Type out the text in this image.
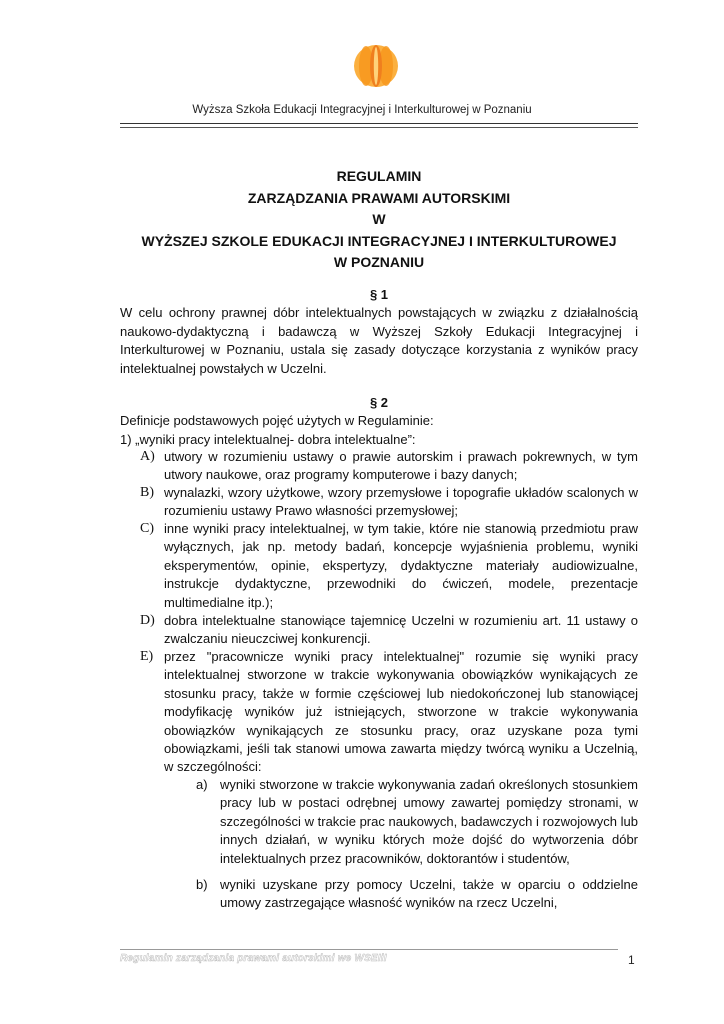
Wyższa Szkoła Edukacji Integracyjnej i Interkulturowej w Poznaniu
REGULAMIN
ZARZĄDZANIA PRAWAMI AUTORSKIMI
W
WYŻSZEJ SZKOLE EDUKACJI INTEGRACYJNEJ I INTERKULTUROWEJ
W POZNANIU
§ 1
W celu ochrony prawnej dóbr intelektualnych powstających w związku z działalnością naukowo-dydaktyczną i badawczą w Wyższej Szkoły Edukacji Integracyjnej i Interkulturowej w Poznaniu, ustala się zasady dotyczące korzystania z wyników pracy intelektualnej powstałych w Uczelni.
§ 2
Definicje podstawowych pojęć użytych w Regulaminie:
1) „wyniki pracy intelektualnej- dobra intelektualne”:
A) utwory w rozumieniu ustawy o prawie autorskim i prawach pokrewnych, w tym utwory naukowe, oraz programy komputerowe i bazy danych;
B) wynalazki, wzory użytkowe, wzory przemysłowe i topografie układów scalonych w rozumieniu ustawy Prawo własności przemysłowej;
C) inne wyniki pracy intelektualnej, w tym takie, które nie stanowią przedmiotu praw wyłącznych, jak np. metody badań, koncepcje wyjaśnienia problemu, wyniki eksperymentów, opinie, ekspertyzy, dydaktyczne materiały audiowizualne, instrukcje dydaktyczne, przewodniki do ćwiczeń, modele, prezentacje multimedialne itp.);
D) dobra intelektualne stanowiące tajemnicę Uczelni w rozumieniu art. 11 ustawy o zwalczaniu nieuczciwej konkurencji.
E) przez "pracownicze wyniki pracy intelektualnej" rozumie się wyniki pracy intelektualnej stworzone w trakcie wykonywania obowiązków wynikających ze stosunku pracy, także w formie częściowej lub niedokończonej lub stanowiącej modyfikację wyników już istniejących, stworzone w trakcie wykonywania obowiązków wynikających ze stosunku pracy, oraz uzyskane poza tymi obowiązkami, jeśli tak stanowi umowa zawarta między twórcą wyniku a Uczelnią, w szczególności:
a) wyniki stworzone w trakcie wykonywania zadań określonych stosunkiem pracy lub w postaci odrębnej umowy zawartej pomiędzy stronami, w szczególności w trakcie prac naukowych, badawczych i rozwojowych lub innych działań, w wyniku których może dojść do wytworzenia dóbr intelektualnych przez pracowników, doktorantów i studentów,
b) wyniki uzyskane przy pomocy Uczelni, także w oparciu o oddzielne umowy zastrzegające własność wyników na rzecz Uczelni,
Regulamin zarządzania prawami autorskimi we WSEIiI	1
